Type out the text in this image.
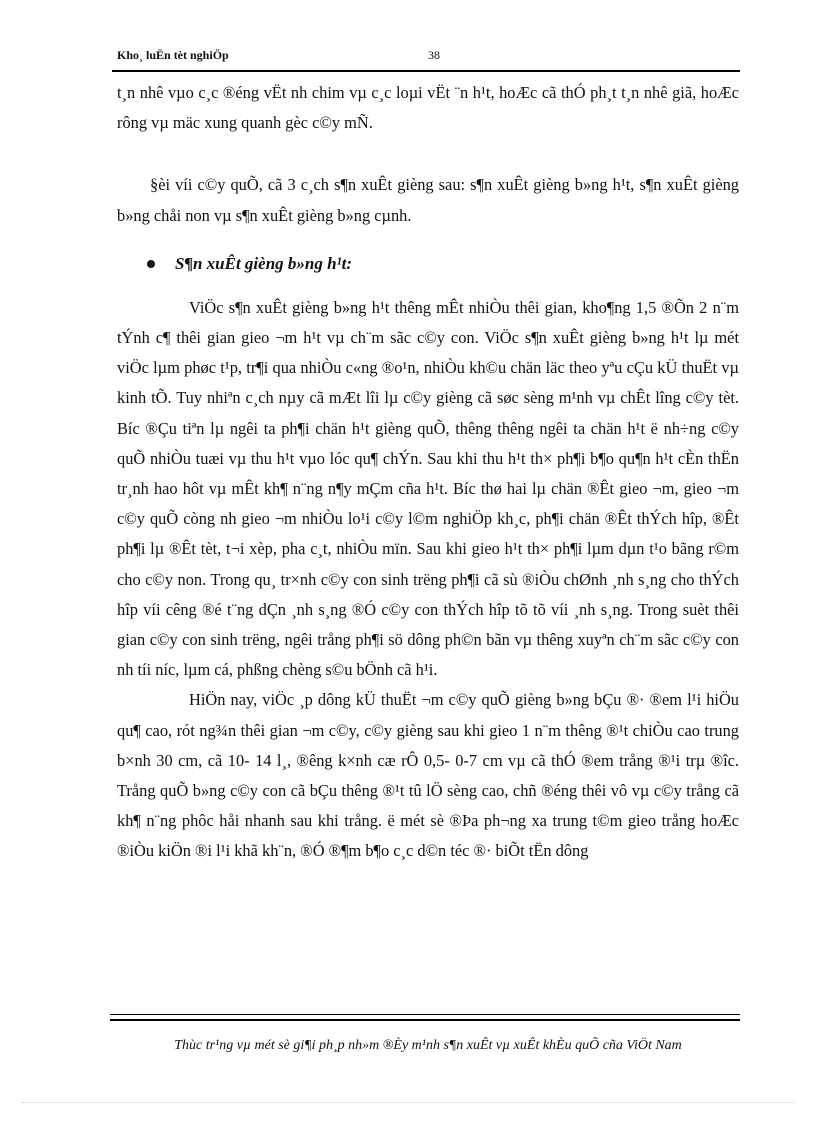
Kho¸ luËn tèt nghiÖp	38

t¸n nhê vµo c¸c ®éng vËt nh chim vµ c¸c loµi vËt ¨n h¹t, hoÆc cã thÓ ph¸t t¸n nhê giã, hoÆc rông vµ mäc xung quanh gèc c©y mÑ.

§èi víi c©y quÕ, cã 3 c¸ch s¶n xuÊt gièng sau: s¶n xuÊt gièng b»ng h¹t, s¶n xuÊt gièng b»ng chåi non vµ s¶n xuÊt gièng b»ng cµnh.

S¶n xuÊt gièng b»ng h¹t:

ViÖc s¶n xuÊt gièng b»ng h¹t thêng mÊt nhiÒu thêi gian, kho¶ng 1,5 ®Õn 2 n¨m tÝnh c¶ thêi gian gieo ¬m h¹t vµ ch¨m sãc c©y con. ViÖc s¶n xuÊt gièng b»ng h¹t lµ mét viÖc lµm phøc t¹p, tr¶i qua nhiÒu c«ng ®o¹n, nhiÒu kh©u chän läc theo yªu cÇu kÜ thuËt vµ kinh tÕ. Tuy nhiªn c¸ch nµy cã mÆt lîi lµ c©y gièng cã søc sèng m¹nh vµ chÊt lîng c©y tèt. Bíc ®Çu tiªn lµ ngêi ta ph¶i chän h¹t gièng quÕ, thêng thêng ngêi ta chän h¹t ë nh÷ng c©y quÕ nhiÒu tuæi vµ thu h¹t vµo lóc qu¶ chÝn. Sau khi thu h¹t th× ph¶i b¶o qu¶n h¹t cÈn thËn tr¸nh hao hôt vµ mÊt kh¶ n¨ng n¶y mÇm cña h¹t. Bíc thø hai lµ chän ®Êt gieo ¬m, gieo ¬m c©y quÕ còng nh gieo ¬m nhiÒu lo¹i c©y l©m nghiÖp kh¸c, ph¶i chän ®Êt thÝch hîp, ®Êt ph¶i lµ ®Êt tèt, t¬i xèp, pha c¸t, nhiÒu mïn. Sau khi gieo h¹t th× ph¶i lµm dµn t¹o bãng r©m cho c©y non. Trong qu¸ tr×nh c©y con sinh trëng ph¶i cã sù ®iÒu chØnh ¸nh s¸ng cho thÝch hîp víi cêng ®é t¨ng dÇn ¸nh s¸ng ®Ó c©y con thÝch hîp tõ tõ víi ¸nh s¸ng. Trong suèt thêi gian c©y con sinh trëng, ngêi trång ph¶i sö dông ph©n bãn vµ thêng xuyªn ch¨m sãc c©y con nh tíi níc, lµm cá, phßng chèng s©u bÖnh cã h¹i.

HiÖn nay, viÖc ¸p dông kÜ thuËt ¬m c©y quÕ gièng b»ng bÇu ®· ®em l¹i hiÖu qu¶ cao, rót ng¾n thêi gian ¬m c©y, c©y gièng sau khi gieo 1 n¨m thêng ®¹t chiÒu cao trung b×nh 30 cm, cã 10- 14 l¸, ®êng k×nh cæ rÔ 0,5- 0-7 cm vµ cã thÓ ®em trång ®¹i trµ ®îc. Trång quÕ b»ng c©y con cã bÇu thêng ®¹t tû lÖ sèng cao, chñ ®éng thêi vô vµ c©y trång cã kh¶ n¨ng phôc håi nhanh sau khi trång. ë mét sè ®Þa ph¬ng xa trung t©m gieo trång hoÆc ®iÒu kiÖn ®i l¹i khã kh¨n, ®Ó ®¶m b¶o c¸c d©n téc ®· biÕt tËn dông

Thùc tr¹ng vµ mét sè gi¶i ph¸p nh»m ®Èy m¹nh s¶n xuÊt vµ xuÊt khÈu quÕ cña ViÖt Nam
